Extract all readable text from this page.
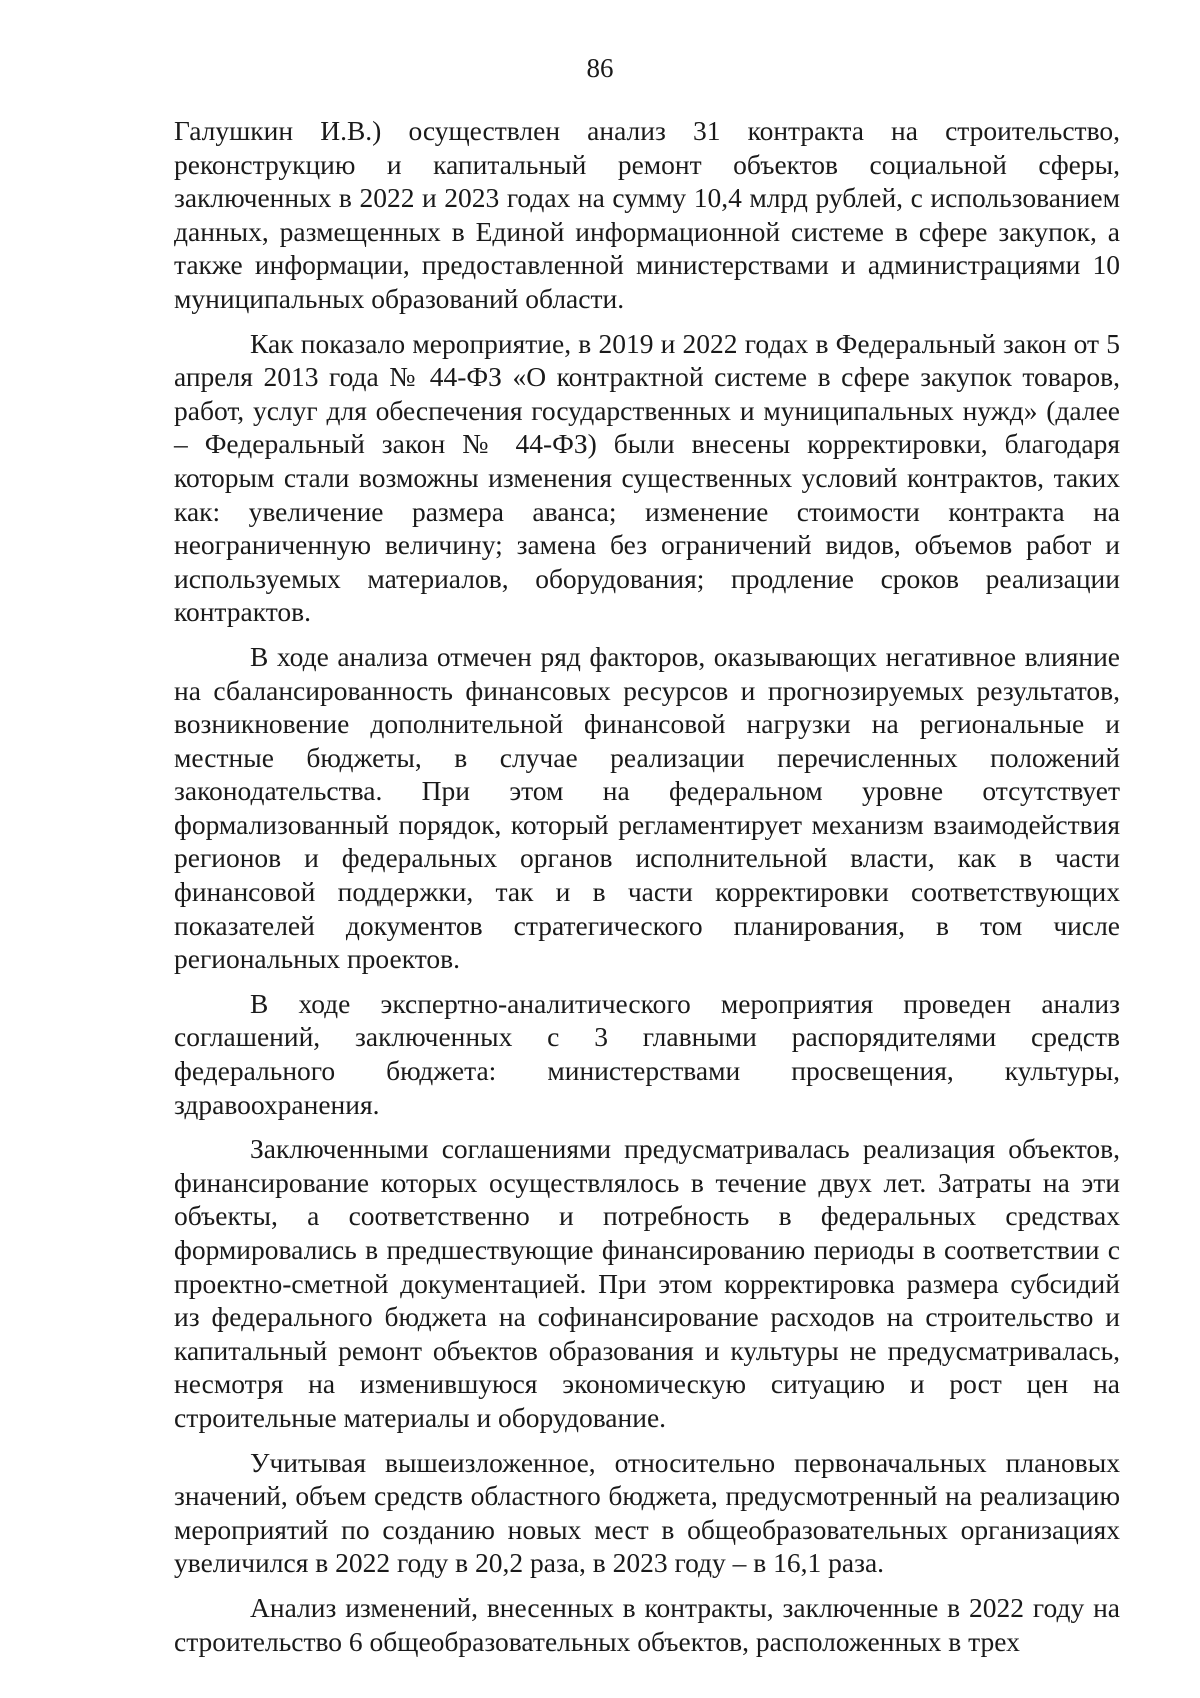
86

Галушкин И.В.) осуществлен анализ 31 контракта на строительство, реконструкцию и капитальный ремонт объектов социальной сферы, заключенных в 2022 и 2023 годах на сумму 10,4 млрд рублей, с использованием данных, размещенных в Единой информационной системе в сфере закупок, а также информации, предоставленной министерствами и администрациями 10 муниципальных образований области.

Как показало мероприятие, в 2019 и 2022 годах в Федеральный закон от 5 апреля 2013 года № 44-ФЗ «О контрактной системе в сфере закупок товаров, работ, услуг для обеспечения государственных и муниципальных нужд» (далее – Федеральный закон № 44-ФЗ) были внесены корректировки, благодаря которым стали возможны изменения существенных условий контрактов, таких как: увеличение размера аванса; изменение стоимости контракта на неограниченную величину; замена без ограничений видов, объемов работ и используемых материалов, оборудования; продление сроков реализации контрактов.

В ходе анализа отмечен ряд факторов, оказывающих негативное влияние на сбалансированность финансовых ресурсов и прогнозируемых результатов, возникновение дополнительной финансовой нагрузки на региональные и местные бюджеты, в случае реализации перечисленных положений законодательства. При этом на федеральном уровне отсутствует формализованный порядок, который регламентирует механизм взаимодействия регионов и федеральных органов исполнительной власти, как в части финансовой поддержки, так и в части корректировки соответствующих показателей документов стратегического планирования, в том числе региональных проектов.

В ходе экспертно-аналитического мероприятия проведен анализ соглашений, заключенных с 3 главными распорядителями средств федерального бюджета: министерствами просвещения, культуры, здравоохранения.

Заключенными соглашениями предусматривалась реализация объектов, финансирование которых осуществлялось в течение двух лет. Затраты на эти объекты, а соответственно и потребность в федеральных средствах формировались в предшествующие финансированию периоды в соответствии с проектно-сметной документацией. При этом корректировка размера субсидий из федерального бюджета на софинансирование расходов на строительство и капитальный ремонт объектов образования и культуры не предусматривалась, несмотря на изменившуюся экономическую ситуацию и рост цен на строительные материалы и оборудование.

Учитывая вышеизложенное, относительно первоначальных плановых значений, объем средств областного бюджета, предусмотренный на реализацию мероприятий по созданию новых мест в общеобразовательных организациях увеличился в 2022 году в 20,2 раза, в 2023 году – в 16,1 раза.

Анализ изменений, внесенных в контракты, заключенные в 2022 году на строительство 6 общеобразовательных объектов, расположенных в трех
